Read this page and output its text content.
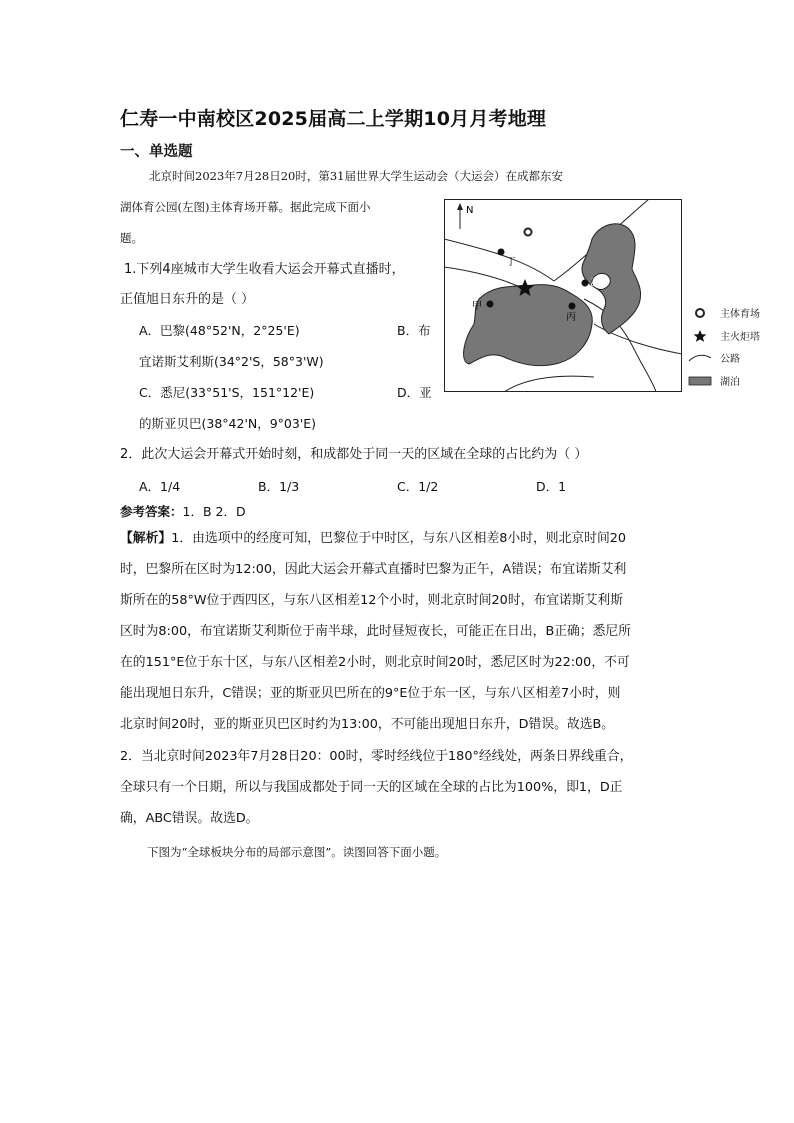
仁寿一中南校区2025届高二上学期10月月考地理
一、单选题

北京时间2023年7月28日20时，第31届世界大学生运动会（大运会）在成都东安

湖体育公园(左图)主体育场开幕。据此完成下面小

题。

1.下列4座城市大学生收看大运会开幕式直播时，

正值旭日东升的是（ ）

A．巴黎(48°52'N，2°25'E)	B．布

宜诺斯艾利斯(34°2'S，58°3'W)

C．悉尼(33°51'S，151°12'E)	D．亚

的斯亚贝巴(38°42'N，9°03'E)

N
丁
甲
丙
乙
主体育场
主火炬塔
公路
湖泊

2．此次大运会开幕式开始时刻，和成都处于同一天的区域在全球的占比约为（ ）

A．1/4	B．1/3	C．1/2	D．1

参考答案：1．B 2．D

【解析】1．由选项中的经度可知，巴黎位于中时区，与东八区相差8小时，则北京时间20

时，巴黎所在区时为12:00，因此大运会开幕式直播时巴黎为正午，A错误；布宜诺斯艾利

斯所在的58°W位于西四区，与东八区相差12个小时，则北京时间20时，布宜诺斯艾利斯

区时为8:00，布宜诺斯艾利斯位于南半球，此时昼短夜长，可能正在日出，B正确；悉尼所

在的151°E位于东十区，与东八区相差2小时，则北京时间20时，悉尼区时为22:00，不可

能出现旭日东升，C错误；亚的斯亚贝巴所在的9°E位于东一区，与东八区相差7小时，则

北京时间20时，亚的斯亚贝巴区时约为13:00，不可能出现旭日东升，D错误。故选B。

2．当北京时间2023年7月28日20：00时，零时经线位于180°经线处，两条日界线重合，

全球只有一个日期，所以与我国成都处于同一天的区域在全球的占比为100%，即1，D正

确，ABC错误。故选D。

下图为“全球板块分布的局部示意图”。读图回答下面小题。
